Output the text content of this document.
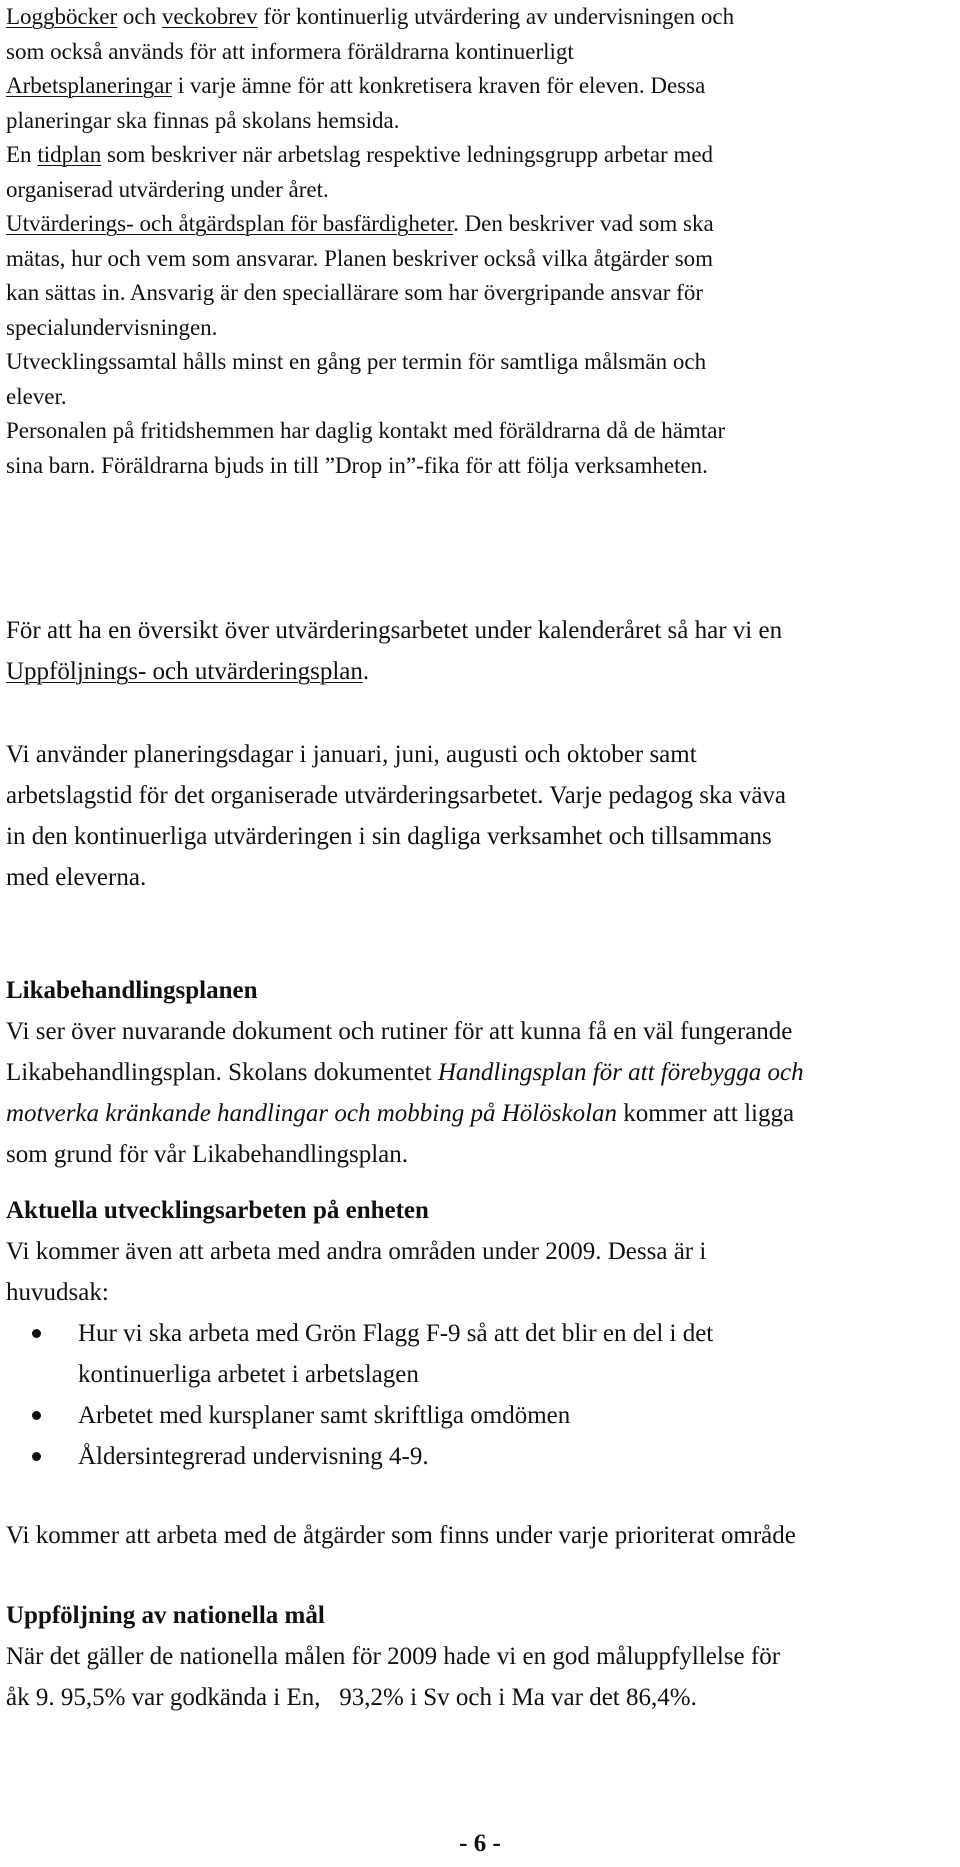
Loggböcker och veckobrev för kontinuerlig utvärdering av undervisningen och
som också används för att informera föräldrarna kontinuerligt
Arbetsplaneringar i varje ämne för att konkretisera kraven för eleven. Dessa
planeringar ska finnas på skolans hemsida.
En tidplan som beskriver när arbetslag respektive ledningsgrupp arbetar med
organiserad utvärdering under året.
Utvärderings- och åtgärdsplan för basfärdigheter. Den beskriver vad som ska
mätas, hur och vem som ansvarar. Planen beskriver också vilka åtgärder som
kan sättas in. Ansvarig är den speciallärare som har övergripande ansvar för
specialundervisningen.
Utvecklingssamtal hålls minst en gång per termin för samtliga målsmän och
elever.
Personalen på fritidshemmen har daglig kontakt med föräldrarna då de hämtar
sina barn. Föräldrarna bjuds in till ”Drop in”-fika för att följa verksamheten.
För att ha en översikt över utvärderingsarbetet under kalenderåret så har vi en
Uppföljnings- och utvärderingsplan.
Vi använder planeringsdagar i januari, juni, augusti och oktober samt
arbetslagstid för det organiserade utvärderingsarbetet. Varje pedagog ska väva
in den kontinuerliga utvärderingen i sin dagliga verksamhet och tillsammans
med eleverna.
Likabehandlingsplanen
Vi ser över nuvarande dokument och rutiner för att kunna få en väl fungerande
Likabehandlingsplan. Skolans dokumentet Handlingsplan för att förebygga och
motverka kränkande handlingar och mobbing på Hölöskolan kommer att ligga
som grund för vår Likabehandlingsplan.
Aktuella utvecklingsarbeten på enheten
Vi kommer även att arbeta med andra områden under 2009. Dessa är i
huvudsak:
Hur vi ska arbeta med Grön Flagg F-9 så att det blir en del i det
kontinuerliga arbetet i arbetslagen
Arbetet med kursplaner samt skriftliga omdömen
Åldersintegrerad undervisning 4-9.
Vi kommer att arbeta med de åtgärder som finns under varje prioriterat område
Uppföljning av nationella mål
När det gäller de nationella målen för 2009 hade vi en god måluppfyllelse för
åk 9. 95,5% var godkända i En,   93,2% i Sv och i Ma var det 86,4%.
- 6 -
